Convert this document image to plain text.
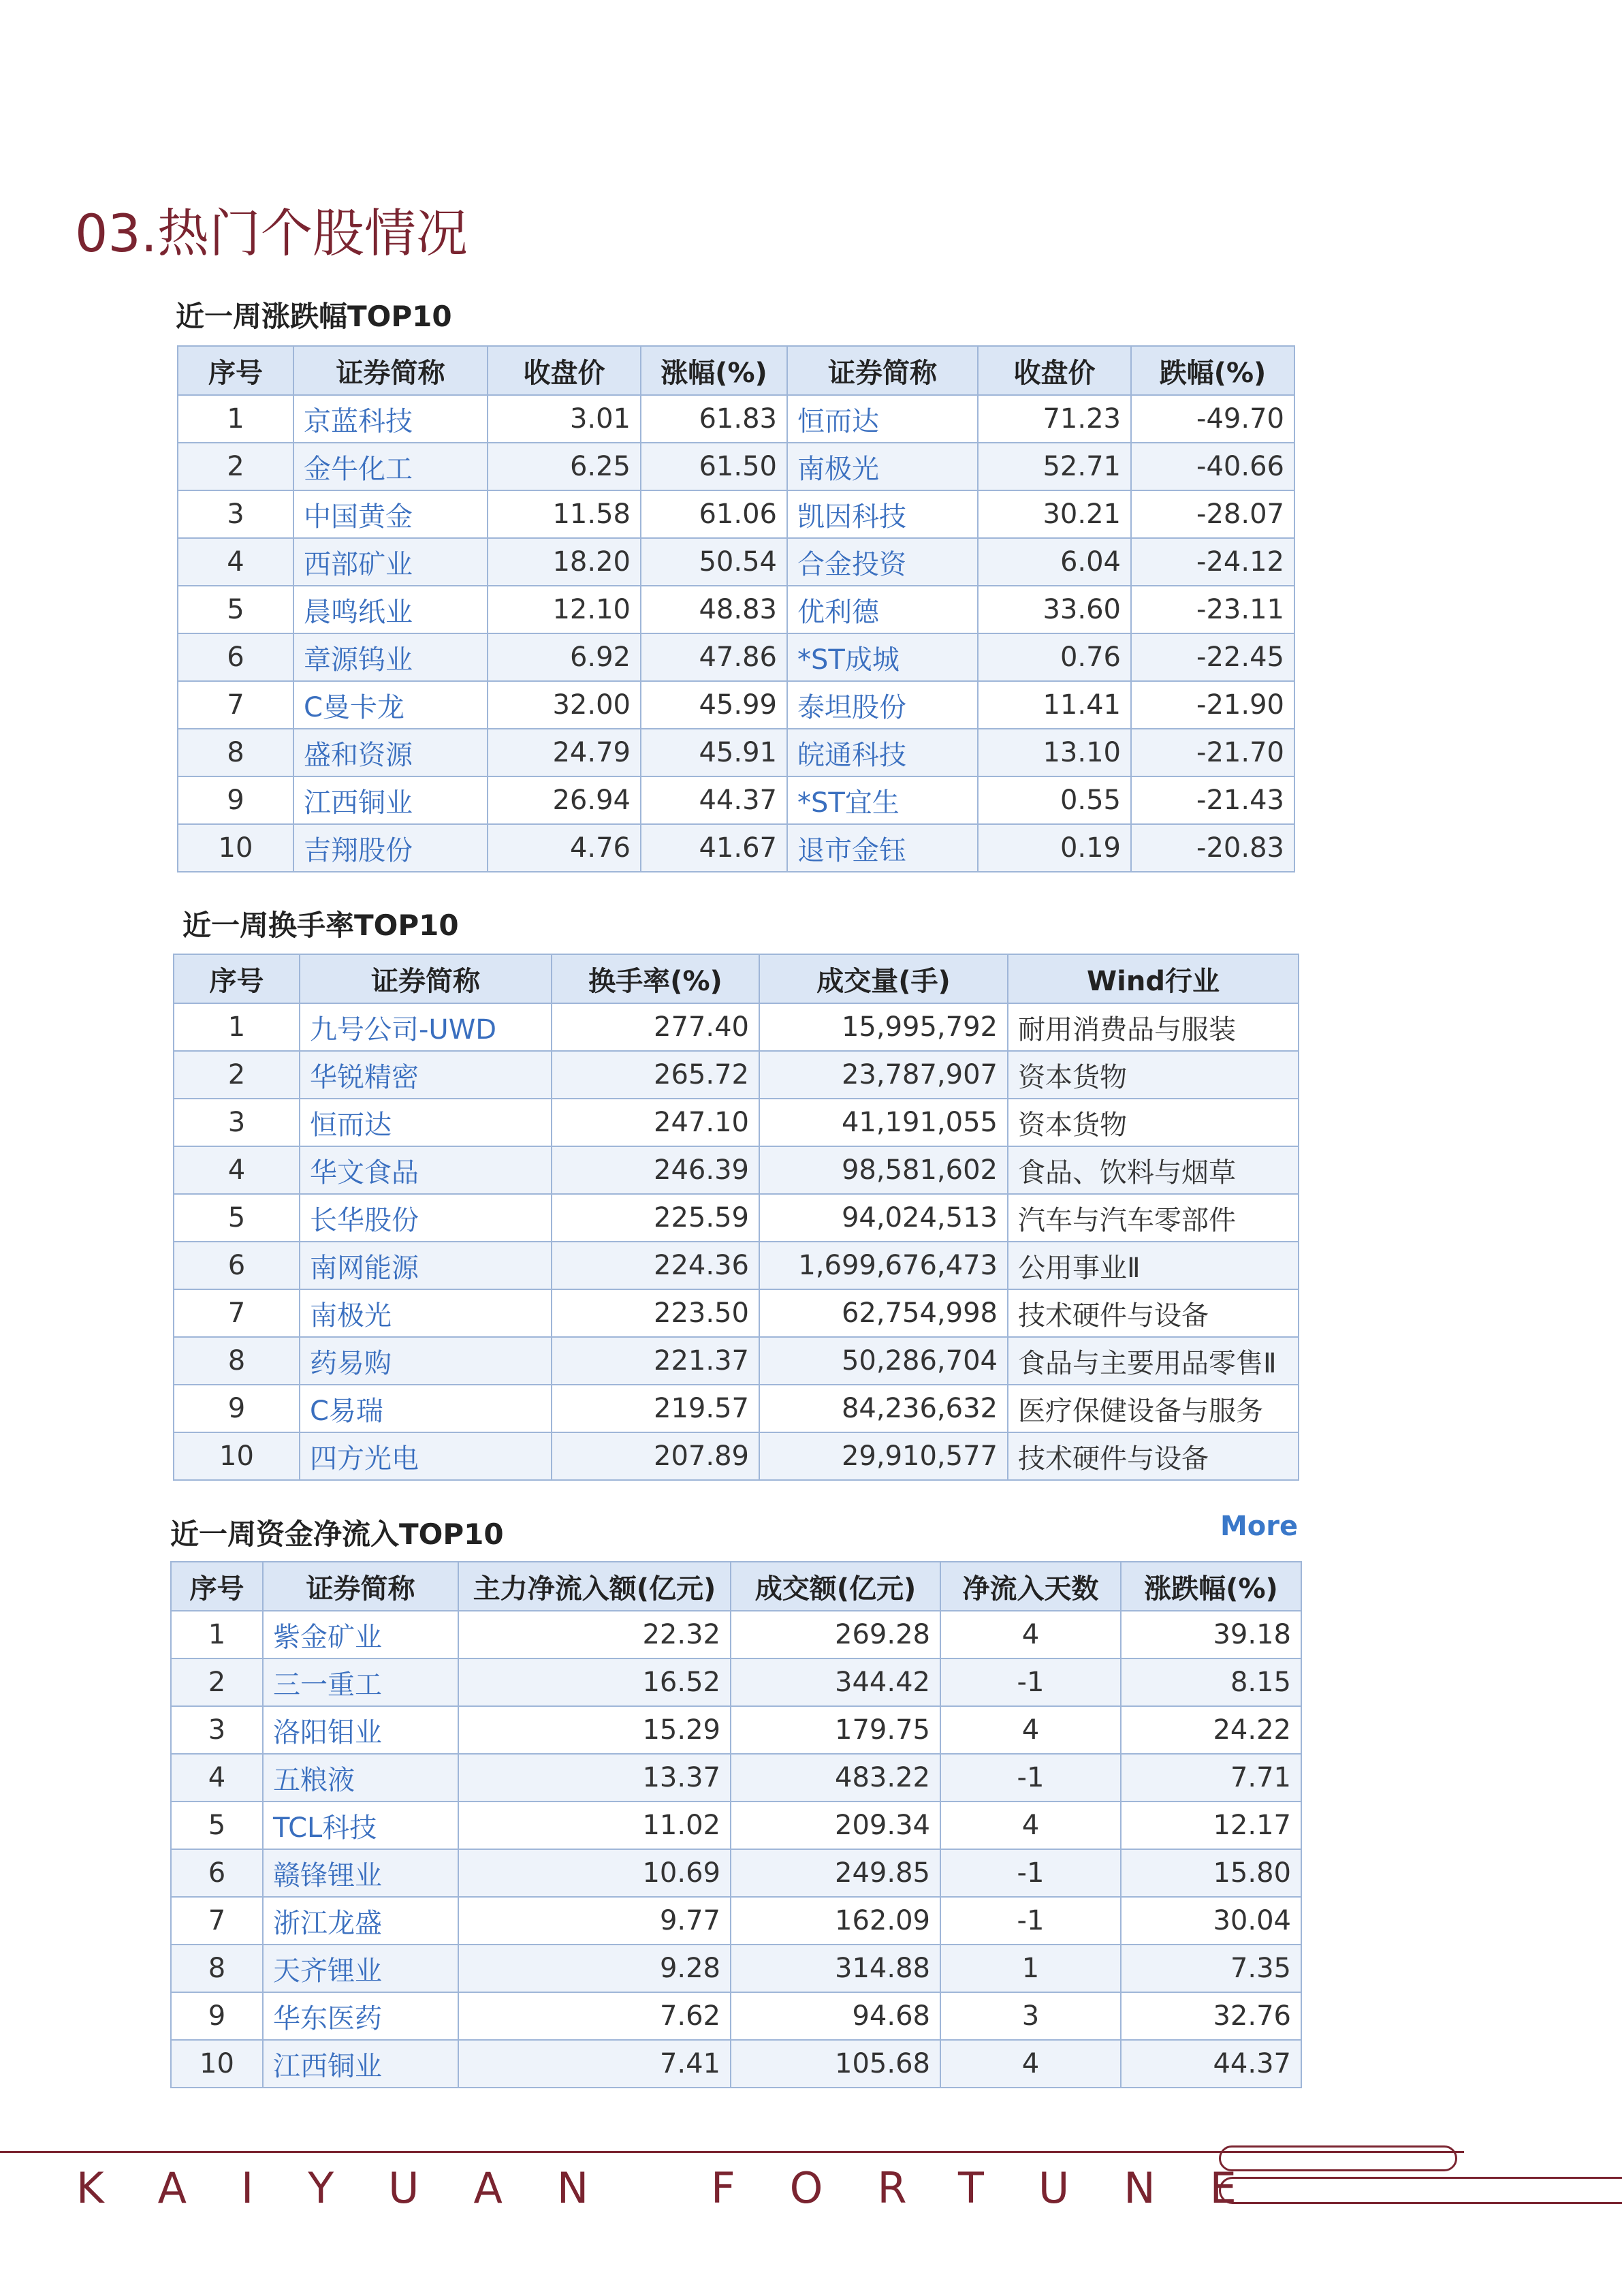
03.热门个股情况
近一周涨跌幅TOP10
序号	证券简称	收盘价	涨幅(%)	证券简称	收盘价	跌幅(%)
1	京蓝科技	3.01	61.83	恒而达	71.23	-49.70
2	金牛化工	6.25	61.50	南极光	52.71	-40.66
3	中国黄金	11.58	61.06	凯因科技	30.21	-28.07
4	西部矿业	18.20	50.54	合金投资	6.04	-24.12
5	晨鸣纸业	12.10	48.83	优利德	33.60	-23.11
6	章源钨业	6.92	47.86	*ST成城	0.76	-22.45
7	C曼卡龙	32.00	45.99	泰坦股份	11.41	-21.90
8	盛和资源	24.79	45.91	皖通科技	13.10	-21.70
9	江西铜业	26.94	44.37	*ST宜生	0.55	-21.43
10	吉翔股份	4.76	41.67	退市金钰	0.19	-20.83
近一周换手率TOP10
序号	证券简称	换手率(%)	成交量(手)	Wind行业
1	九号公司-UWD	277.40	15,995,792	耐用消费品与服装
2	华锐精密	265.72	23,787,907	资本货物
3	恒而达	247.10	41,191,055	资本货物
4	华文食品	246.39	98,581,602	食品、饮料与烟草
5	长华股份	225.59	94,024,513	汽车与汽车零部件
6	南网能源	224.36	1,699,676,473	公用事业Ⅱ
7	南极光	223.50	62,754,998	技术硬件与设备
8	药易购	221.37	50,286,704	食品与主要用品零售Ⅱ
9	C易瑞	219.57	84,236,632	医疗保健设备与服务
10	四方光电	207.89	29,910,577	技术硬件与设备
近一周资金净流入TOP10	More
序号	证券简称	主力净流入额(亿元)	成交额(亿元)	净流入天数	涨跌幅(%)
1	紫金矿业	22.32	269.28	4	39.18
2	三一重工	16.52	344.42	-1	8.15
3	洛阳钼业	15.29	179.75	4	24.22
4	五粮液	13.37	483.22	-1	7.71
5	TCL科技	11.02	209.34	4	12.17
6	赣锋锂业	10.69	249.85	-1	15.80
7	浙江龙盛	9.77	162.09	-1	30.04
8	天齐锂业	9.28	314.88	1	7.35
9	华东医药	7.62	94.68	3	32.76
10	江西铜业	7.41	105.68	4	44.37
KAIYUAN FORTUNE
